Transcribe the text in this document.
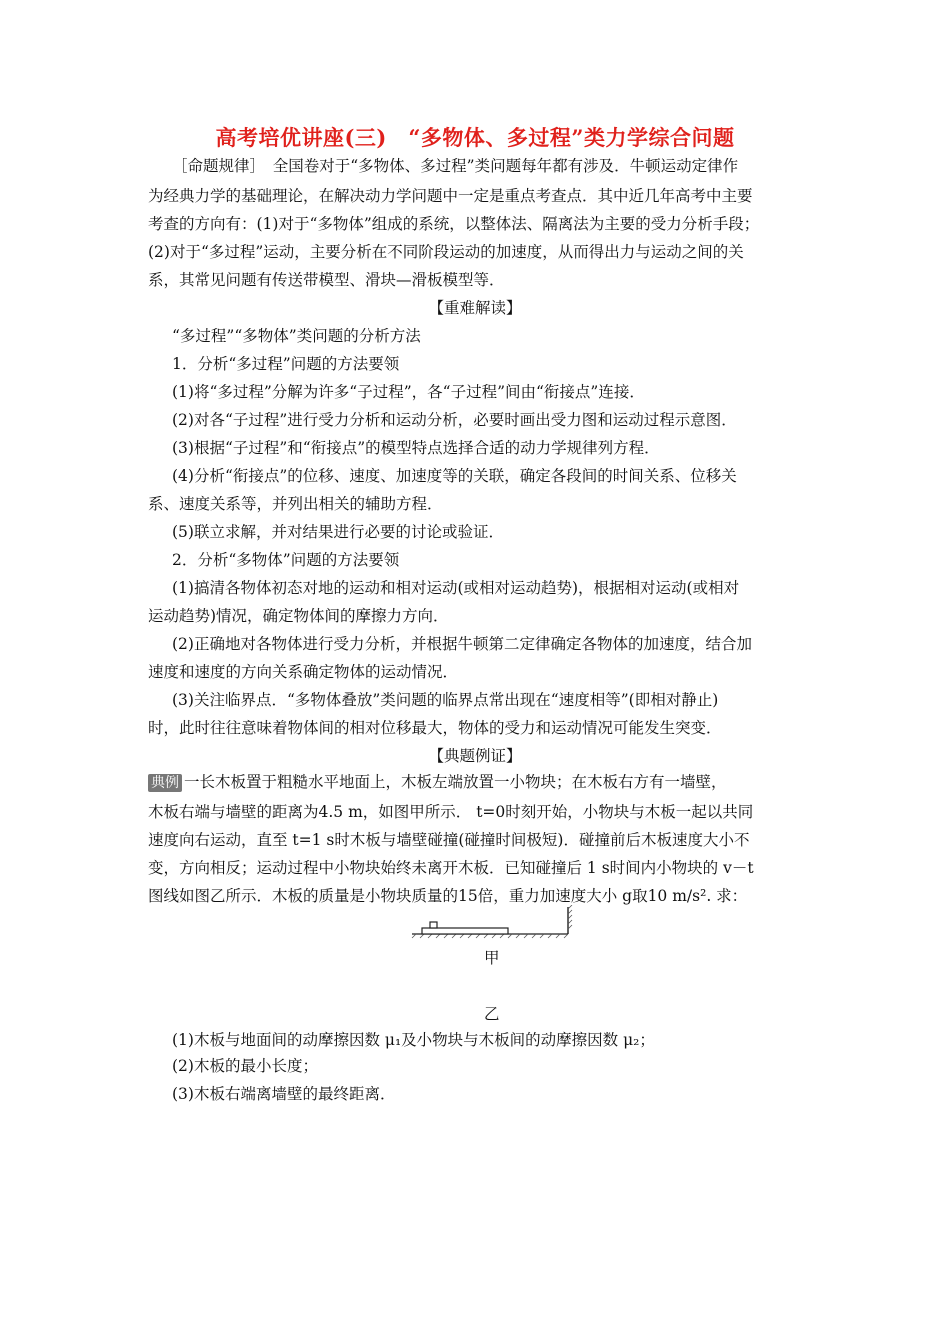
高考培优讲座(三)　“多物体、多过程”类力学综合问题
［命题规律］　全国卷对于“多物体、多过程”类问题每年都有涉及．牛顿运动定律作
为经典力学的基础理论，在解决动力学问题中一定是重点考查点．其中近几年高考中主要
考查的方向有：(1)对于“多物体”组成的系统，以整体法、隔离法为主要的受力分析手段；
(2)对于“多过程”运动，主要分析在不同阶段运动的加速度，从而得出力与运动之间的关
系，其常见问题有传送带模型、滑块—滑板模型等．
【重难解读】
“多过程”“多物体”类问题的分析方法
1．分析“多过程”问题的方法要领
(1)将“多过程”分解为许多“子过程”，各“子过程”间由“衔接点”连接．
(2)对各“子过程”进行受力分析和运动分析，必要时画出受力图和运动过程示意图．
(3)根据“子过程”和“衔接点”的模型特点选择合适的动力学规律列方程．
(4)分析“衔接点”的位移、速度、加速度等的关联，确定各段间的时间关系、位移关
系、速度关系等，并列出相关的辅助方程．
(5)联立求解，并对结果进行必要的讨论或验证．
2．分析“多物体”问题的方法要领
(1)搞清各物体初态对地的运动和相对运动(或相对运动趋势)，根据相对运动(或相对
运动趋势)情况，确定物体间的摩擦力方向．
(2)正确地对各物体进行受力分析，并根据牛顿第二定律确定各物体的加速度，结合加
速度和速度的方向关系确定物体的运动情况．
(3)关注临界点．“多物体叠放”类问题的临界点常出现在“速度相等”(即相对静止)
时，此时往往意味着物体间的相对位移最大，物体的受力和运动情况可能发生突变．
【典题例证】
典例 一长木板置于粗糙水平地面上，木板左端放置一小物块；在木板右方有一墙壁，
木板右端与墙壁的距离为4.5 m，如图甲所示． t=0时刻开始，小物块与木板一起以共同
速度向右运动，直至 t=1 s时木板与墙壁碰撞(碰撞时间极短)．碰撞前后木板速度大小不
变，方向相反；运动过程中小物块始终未离开木板．已知碰撞后 1 s时间内小物块的 v－t
图线如图乙所示．木板的质量是小物块质量的15倍，重力加速度大小 g取10 m/s². 求：
甲
乙
(1)木板与地面间的动摩擦因数 μ₁及小物块与木板间的动摩擦因数 μ₂；
(2)木板的最小长度；
(3)木板右端离墙壁的最终距离．
